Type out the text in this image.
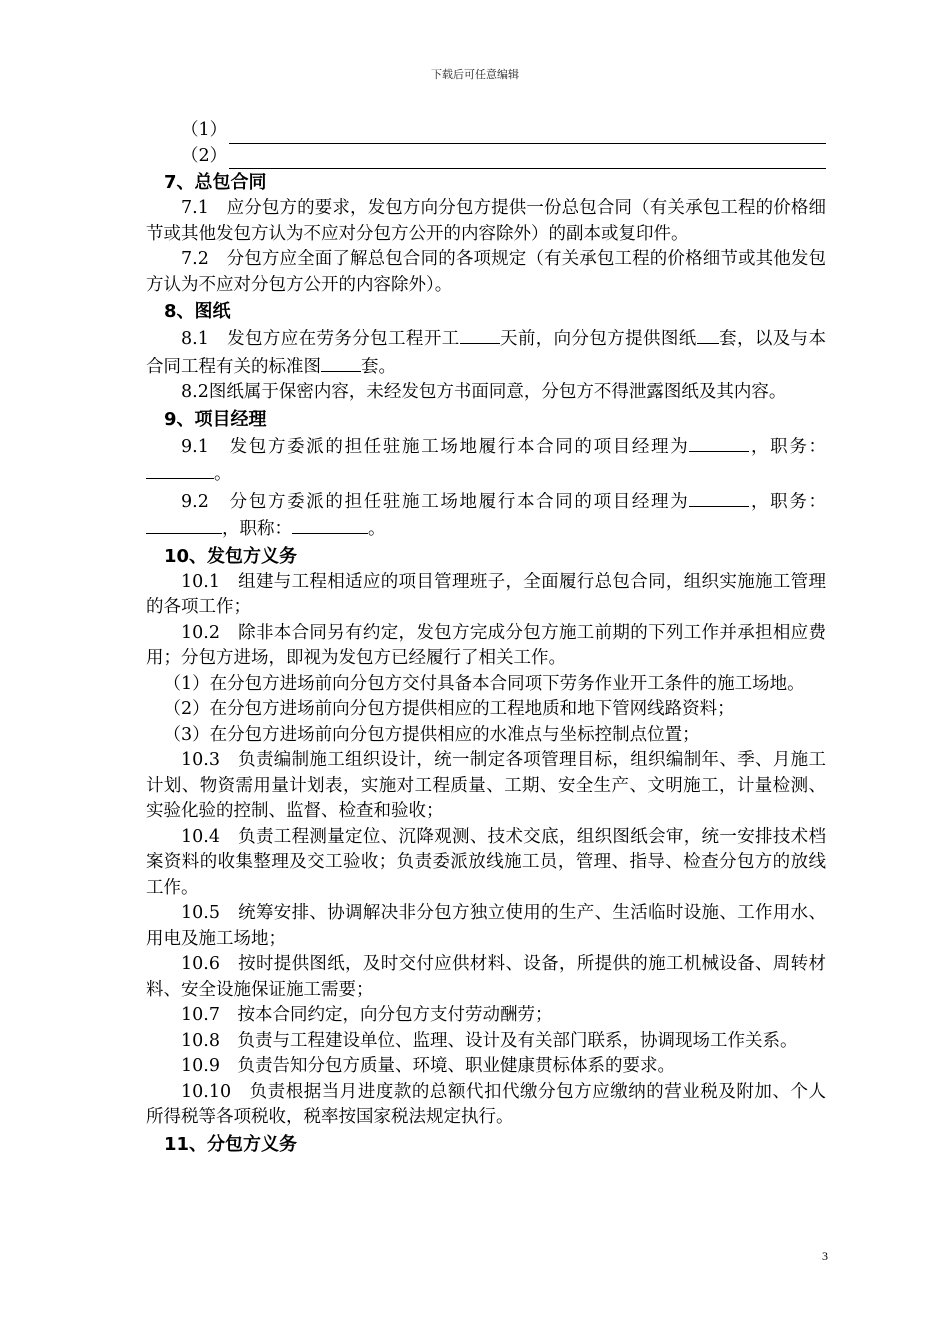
下载后可任意编辑
（1）
（2）

7、总包合同

7.1　应分包方的要求，发包方向分包方提供一份总包合同（有关承包工程的价格细节或其他发包方认为不应对分包方公开的内容除外）的副本或复印件。

7.2　分包方应全面了解总包合同的各项规定（有关承包工程的价格细节或其他发包方认为不应对分包方公开的内容除外）。

8、图纸

8.1　发包方应在劳务分包工程开工 天前，向分包方提供图纸 套，以及与本合同工程有关的标准图 套。

8.2图纸属于保密内容，未经发包方书面同意，分包方不得泄露图纸及其内容。

9、项目经理

9.1　发包方委派的担任驻施工场地履行本合同的项目经理为	，职务：。

9.2　分包方委派的担任驻施工场地履行本合同的项目经理为	，职务：，职称：	。

10、发包方义务

10.1　组建与工程相适应的项目管理班子，全面履行总包合同，组织实施施工管理的各项工作；

10.2　除非本合同另有约定，发包方完成分包方施工前期的下列工作并承担相应费用；分包方进场，即视为发包方已经履行了相关工作。

（1）在分包方进场前向分包方交付具备本合同项下劳务作业开工条件的施工场地。

（2）在分包方进场前向分包方提供相应的工程地质和地下管网线路资料；

（3）在分包方进场前向分包方提供相应的水准点与坐标控制点位置；

10.3　负责编制施工组织设计，统一制定各项管理目标，组织编制年、季、月施工计划、物资需用量计划表，实施对工程质量、工期、安全生产、文明施工，计量检测、实验化验的控制、监督、检查和验收；

10.4　负责工程测量定位、沉降观测、技术交底，组织图纸会审，统一安排技术档案资料的收集整理及交工验收；负责委派放线施工员，管理、指导、检查分包方的放线工作。

10.5　统筹安排、协调解决非分包方独立使用的生产、生活临时设施、工作用水、用电及施工场地；

10.6　按时提供图纸，及时交付应供材料、设备，所提供的施工机械设备、周转材料、安全设施保证施工需要；

10.7　按本合同约定，向分包方支付劳动酬劳；

10.8　负责与工程建设单位、监理、设计及有关部门联系，协调现场工作关系。

10.9　负责告知分包方质量、环境、职业健康贯标体系的要求。

10.10　负责根据当月进度款的总额代扣代缴分包方应缴纳的营业税及附加、个人所得税等各项税收，税率按国家税法规定执行。

11、分包方义务

3
